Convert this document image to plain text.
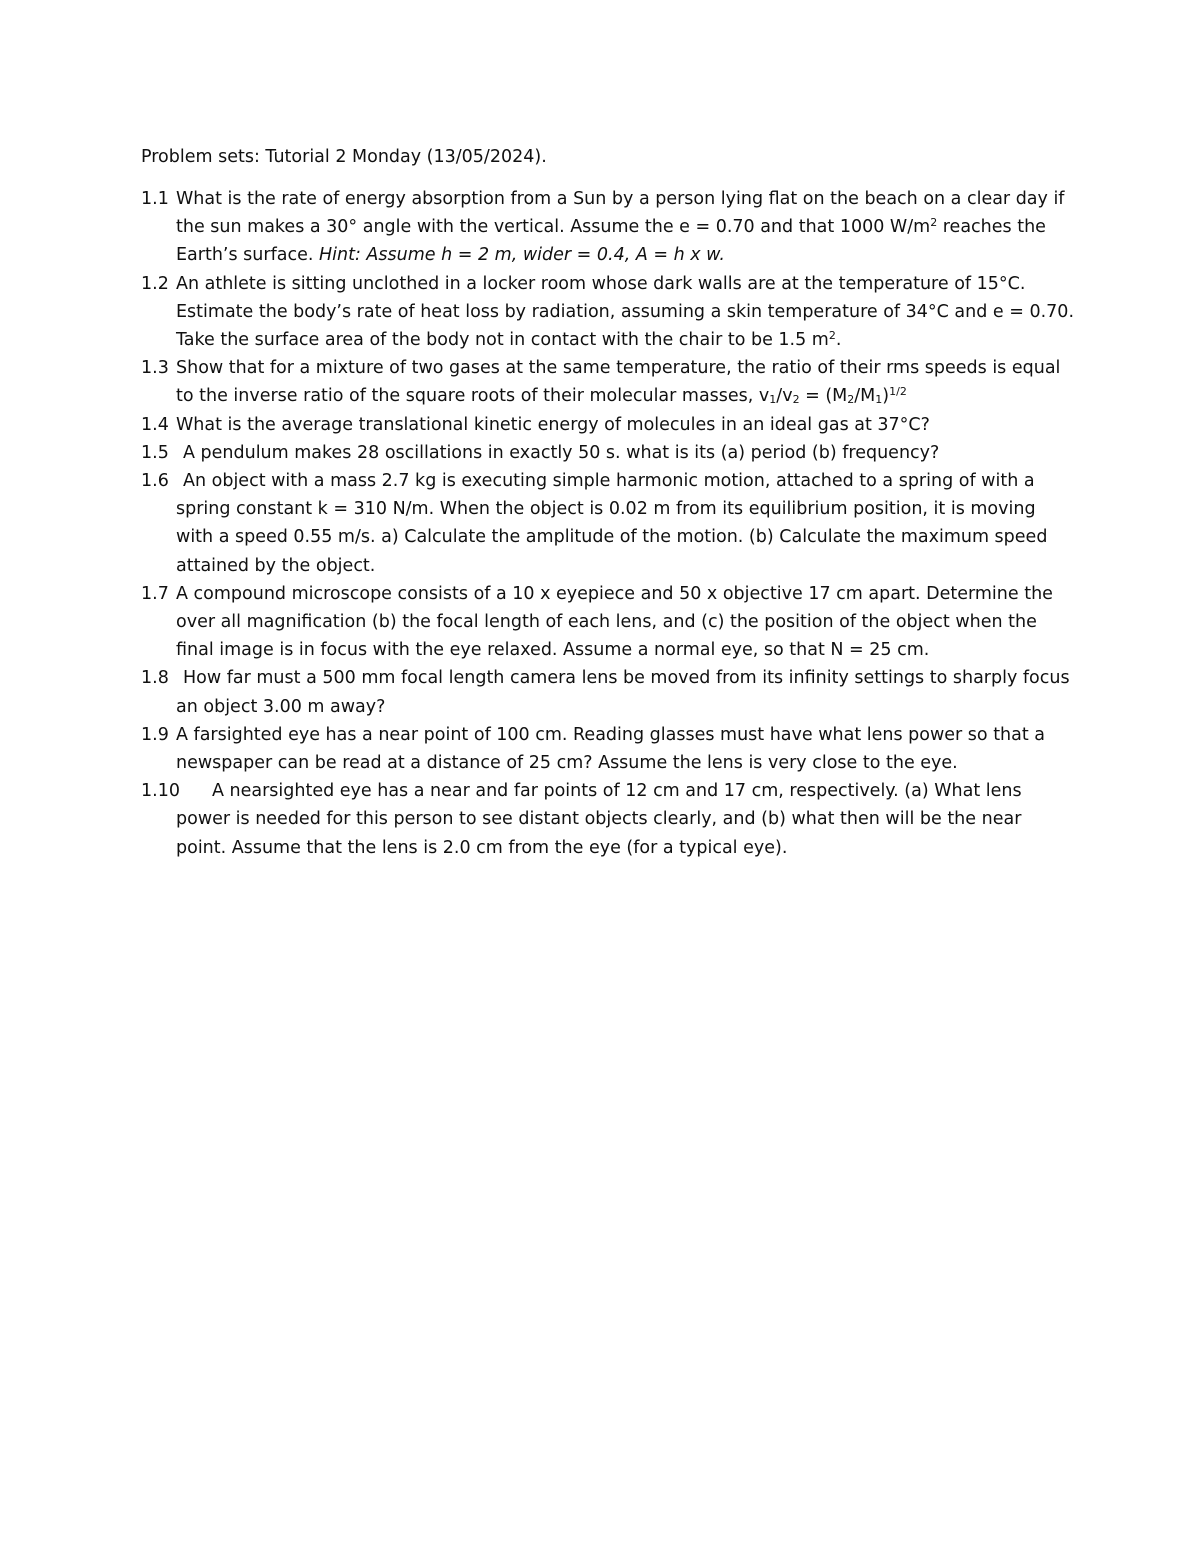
Problem sets: Tutorial 2 Monday (13/05/2024).

1.1 What is the rate of energy absorption from a Sun by a person lying flat on the beach on a clear day if
the sun makes a 30° angle with the vertical. Assume the e = 0.70 and that 1000 $W/m^2$ reaches the
Earth’s surface. Hint: Assume h = 2 m, wider = 0.4, A = h x w.
1.2 An athlete is sitting unclothed in a locker room whose dark walls are at the temperature of 15°C.
Estimate the body’s rate of heat loss by radiation, assuming a skin temperature of 34°C and e = 0.70.
Take the surface area of the body not in contact with the chair to be 1.5 $m^2$.
1.3 Show that for a mixture of two gases at the same temperature, the ratio of their rms speeds is equal
to the inverse ratio of the square roots of their molecular masses, $v_1/v_2 = (M_2/M_1)^{1/2}$
1.4 What is the average translational kinetic energy of molecules in an ideal gas at 37°C?
1.5 A pendulum makes 28 oscillations in exactly 50 s. what is its (a) period (b) frequency?
1.6 An object with a mass 2.7 kg is executing simple harmonic motion, attached to a spring of with a
spring constant k = 310 N/m. When the object is 0.02 m from its equilibrium position, it is moving
with a speed 0.55 m/s. a) Calculate the amplitude of the motion. (b) Calculate the maximum speed
attained by the object.
1.7 A compound microscope consists of a 10 x eyepiece and 50 x objective 17 cm apart. Determine the
over all magnification (b) the focal length of each lens, and (c) the position of the object when the
final image is in focus with the eye relaxed. Assume a normal eye, so that N = 25 cm.
1.8 How far must a 500 mm focal length camera lens be moved from its infinity settings to sharply focus
an object 3.00 m away?
1.9 A farsighted eye has a near point of 100 cm. Reading glasses must have what lens power so that a
newspaper can be read at a distance of 25 cm? Assume the lens is very close to the eye.
1.10	A nearsighted eye has a near and far points of 12 cm and 17 cm, respectively. (a) What lens
power is needed for this person to see distant objects clearly, and (b) what then will be the near
point. Assume that the lens is 2.0 cm from the eye (for a typical eye).
